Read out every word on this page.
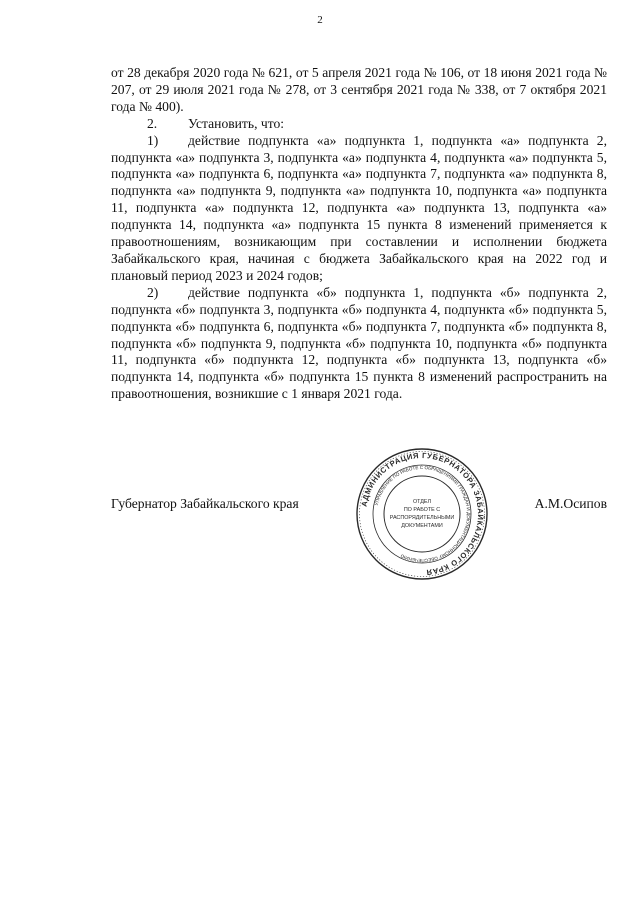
2

от 28 декабря 2020 года № 621, от 5 апреля 2021 года № 106, от 18 июня 2021 года № 207, от 29 июля 2021 года № 278, от 3 сентября 2021 года № 338, от 7 октября 2021 года № 400).

2. Установить, что:

1) действие подпункта «а» подпункта 1, подпункта «а» подпункта 2, подпункта «а» подпункта 3, подпункта «а» подпункта 4, подпункта «а» подпункта 5, подпункта «а» подпункта 6, подпункта «а» подпункта 7, подпункта «а» подпункта 8, подпункта «а» подпункта 9, подпункта «а» подпункта 10, подпункта «а» подпункта 11, подпункта «а» подпункта 12, подпункта «а» подпункта 13, подпункта «а» подпункта 14, подпункта «а» подпункта 15 пункта 8 изменений применяется к правоотношениям, возникающим при составлении и исполнении бюджета Забайкальского края, начиная с бюджета Забайкальского края на 2022 год и плановый период 2023 и 2024 годов;

2) действие подпункта «б» подпункта 1, подпункта «б» подпункта 2, подпункта «б» подпункта 3, подпункта «б» подпункта 4, подпункта «б» подпункта 5, подпункта «б» подпункта 6, подпункта «б» подпункта 7, подпункта «б» подпункта 8, подпункта «б» подпункта 9, подпункта «б» подпункта 10, подпункта «б» подпункта 11, подпункта «б» подпункта 12, подпункта «б» подпункта 13, подпункта «б» подпункта 14, подпункта «б» подпункта 15 пункта 8 изменений распространить на правоотношения, возникшие с 1 января 2021 года.

Губернатор Забайкальского края	А.М.Осипов
АДМИНИСТРАЦИЯ ГУБЕРНАТОРА ЗАБАЙКАЛЬСКОГО КРАЯ
УПРАВЛЕНИЕ ПО РАБОТЕ С ОБРАЩЕНИЯМИ ГРАЖДАН И ДОКУМЕНТАЦИОННОМУ ОБЕСПЕЧЕНИЮ
ОТДЕЛ
ПО РАБОТЕ С
РАСПОРЯДИТЕЛЬНЫМИ
ДОКУМЕНТАМИ
